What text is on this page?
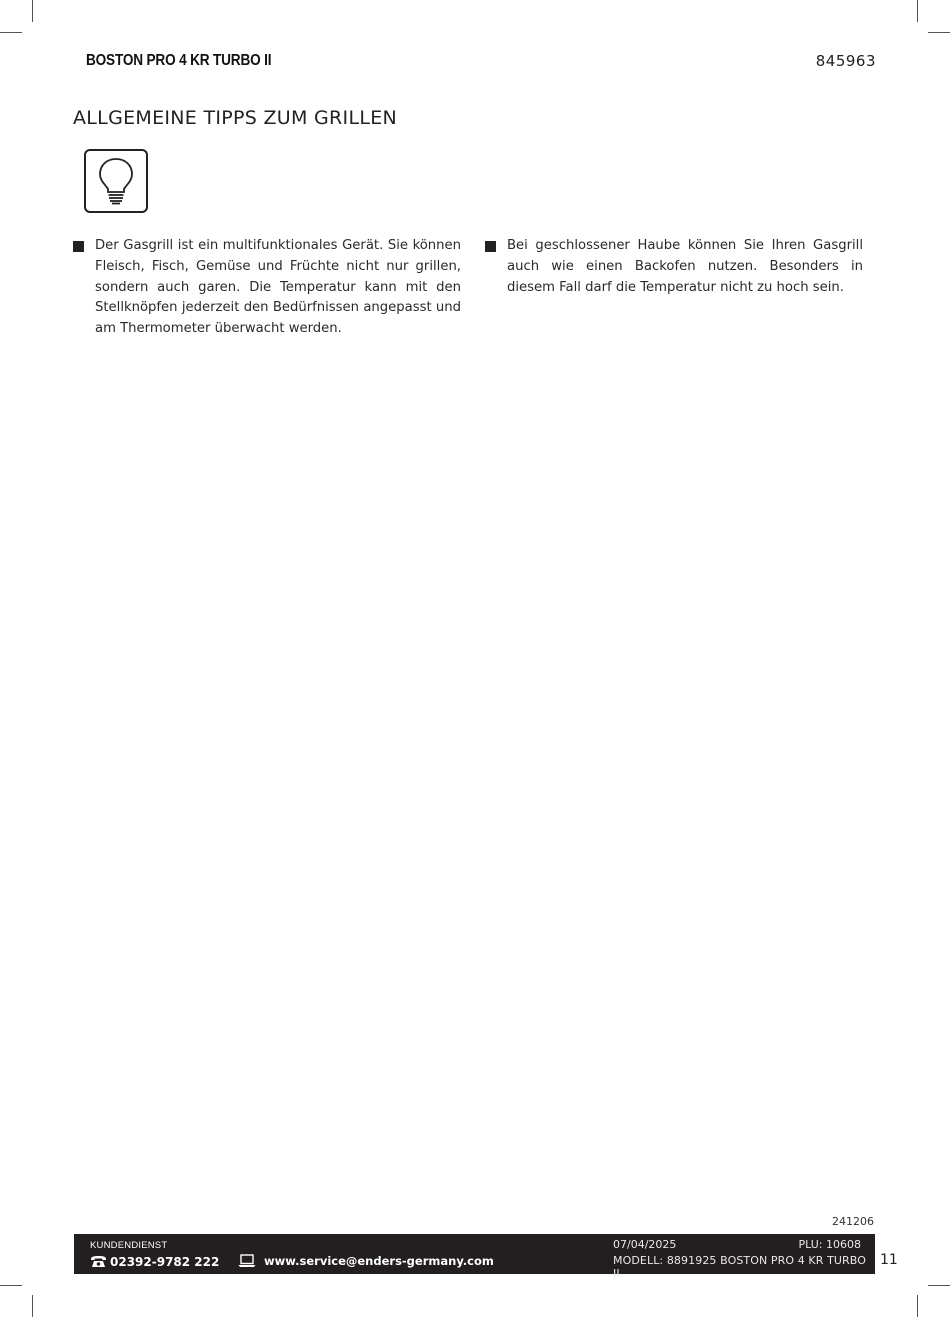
BOSTON PRO 4 KR TURBO II	845963
ALLGEMEINE TIPPS ZUM GRILLEN

Der Gasgrill ist ein multifunktionales Gerät. Sie können Fleisch, Fisch, Gemüse und Früchte nicht nur grillen, sondern auch garen. Die Temperatur kann mit den Stellknöpfen jederzeit den Bedürfnissen angepasst und am Thermometer überwacht werden.

Bei geschlossener Haube können Sie Ihren Gasgrill auch wie einen Backofen nutzen. Besonders in diesem Fall darf die Temperatur nicht zu hoch sein.

241206
KUNDENDIENST
02392-9782 222	www.service@enders-germany.com
07/04/2025	PLU: 10608
MODELL: 8891925 BOSTON PRO 4 KR TURBO II
11
